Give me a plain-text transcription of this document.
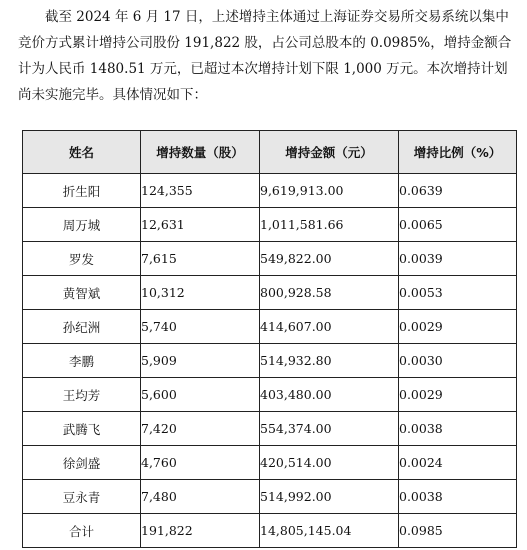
截至 2024 年 6 月 17 日，上述增持主体通过上海证券交易所交易系统以集中
竞价方式累计增持公司股份 191,822 股，占公司总股本的 0.0985%，增持金额合
计为人民币 1480.51 万元，已超过本次增持计划下限 1,000 万元。本次增持计划
尚未实施完毕。具体情况如下：
姓名	增持数量（股）	增持金额（元）	增持比例（%）
折生阳	124,355	9,619,913.00	0.0639
周万城	12,631	1,011,581.66	0.0065
罗发	7,615	549,822.00	0.0039
黄智斌	10,312	800,928.58	0.0053
孙纪洲	5,740	414,607.00	0.0029
李鹏	5,909	514,932.80	0.0030
王均芳	5,600	403,480.00	0.0029
武腾飞	7,420	554,374.00	0.0038
徐剑盛	4,760	420,514.00	0.0024
豆永青	7,480	514,992.00	0.0038
合计	191,822	14,805,145.04	0.0985
